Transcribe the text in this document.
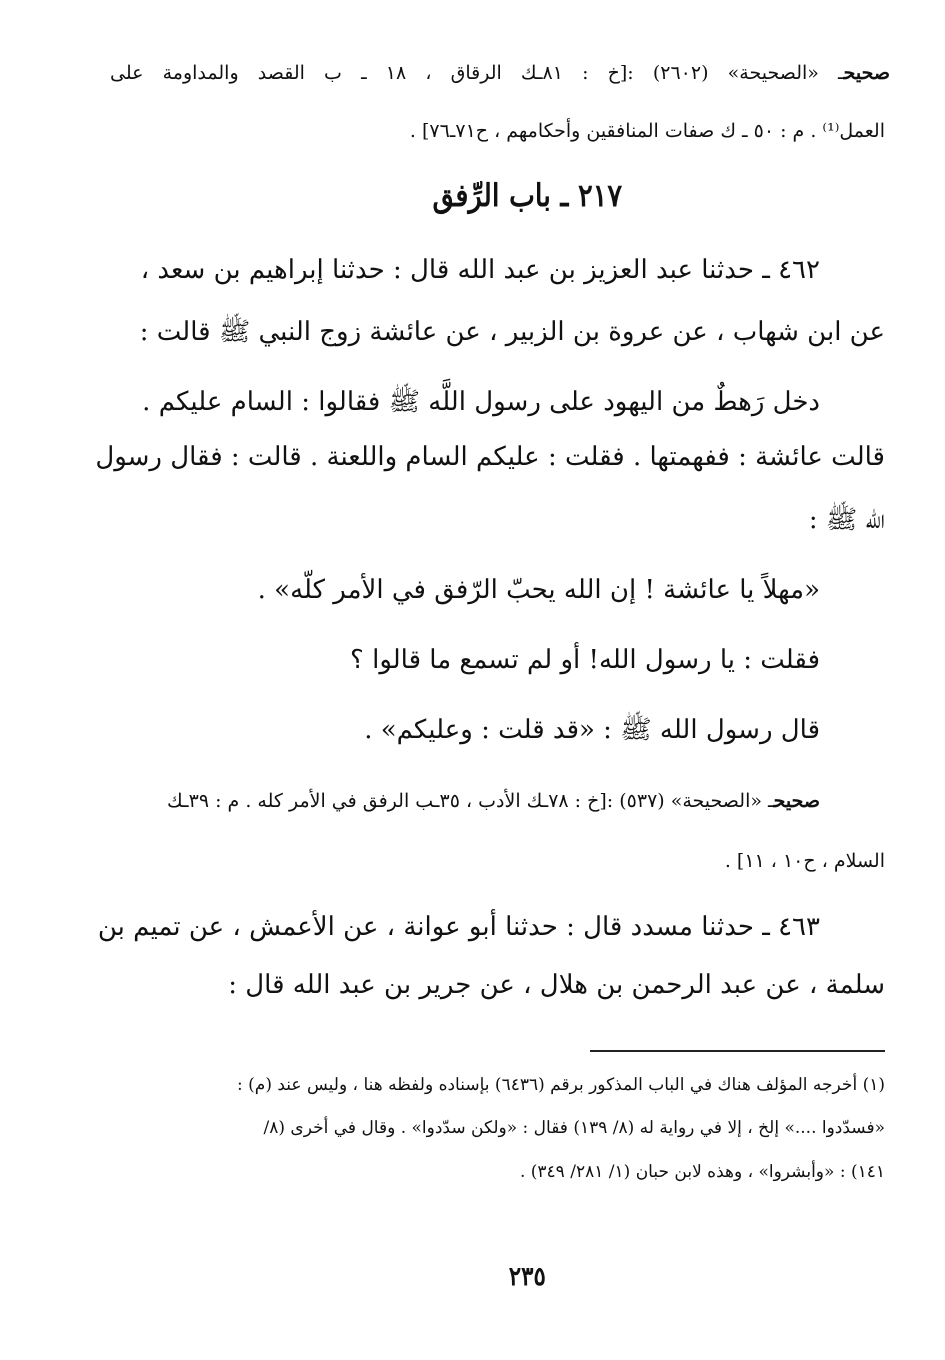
صحيحـ «الصحيحة» (٢٦٠٢) :[خ : ٨١ـك الرقاق ، ١٨ ـ ب القصد والمداومة على
العمل⁽¹⁾ . م : ٥٠ ـ ك صفات المنافقين وأحكامهم ، ح٧١ـ٧٦] .
٢١٧ ـ باب الرِّفق
٤٦٢ ـ حدثنا عبد العزيز بن عبد الله قال : حدثنا إبراهيم بن سعد ،
عن ابن شهاب ، عن عروة بن الزبير ، عن عائشة زوج النبي ﷺ قالت :
دخل رَهطٌ من اليهود على رسول اللَّه ﷺ فقالوا : السام عليكم .
قالت عائشة : ففهمتها . فقلت : عليكم السام واللعنة . قالت : فقال رسول
الله ﷺ :
«مهلاً يا عائشة ! إن الله يحبّ الرّفق في الأمر كلّه» .
فقلت : يا رسول الله! أو لم تسمع ما قالوا ؟
قال رسول الله ﷺ : «قد قلت : وعليكم» .
صحيحـ «الصحيحة» (٥٣٧) :[خ : ٧٨ـك الأدب ، ٣٥ـب الرفق في الأمر كله . م : ٣٩ـك
السلام ، ح١٠ ، ١١] .
٤٦٣ ـ حدثنا مسدد قال : حدثنا أبو عوانة ، عن الأعمش ، عن تميم بن
سلمة ، عن عبد الرحمن بن هلال ، عن جرير بن عبد الله قال :
(١) أخرجه المؤلف هناك في الباب المذكور برقم (٦٤٣٦) بإسناده ولفظه هنا ، وليس عند (م) :
«فسدّدوا ....» إلخ ، إلا في رواية له (٨/ ١٣٩) فقال : «ولكن سدّدوا» . وقال في أخرى (٨/
١٤١) : «وأبشروا» ، وهذه لابن حبان (١/ ٢٨١/ ٣٤٩) .
٢٣٥
